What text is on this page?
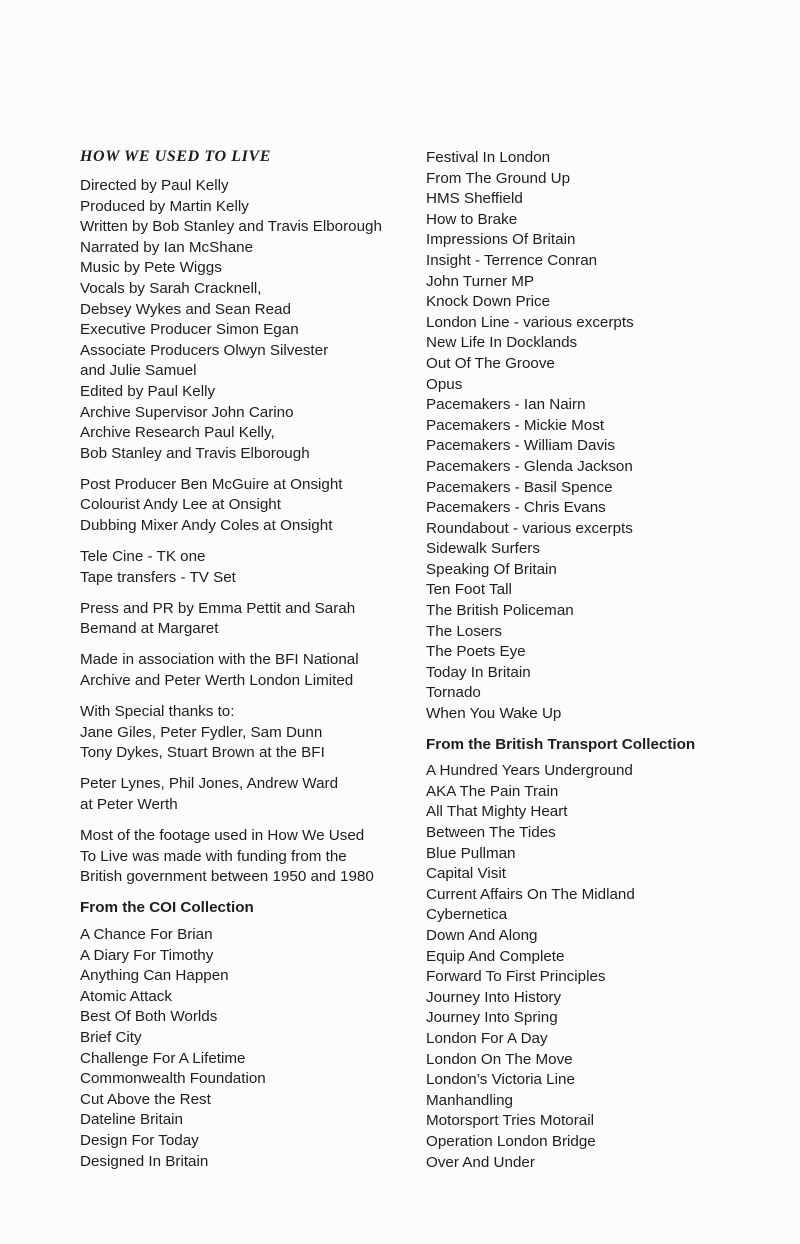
HOW WE USED TO LIVE
Directed by Paul Kelly
Produced by Martin Kelly
Written by Bob Stanley and Travis Elborough
Narrated by Ian McShane
Music by Pete Wiggs
Vocals by Sarah Cracknell,
Debsey Wykes and Sean Read
Executive Producer Simon Egan
Associate Producers Olwyn Silvester
and Julie Samuel
Edited by Paul Kelly
Archive Supervisor John Carino
Archive Research Paul Kelly,
Bob Stanley and Travis Elborough
Post Producer Ben McGuire at Onsight
Colourist Andy Lee at Onsight
Dubbing Mixer Andy Coles at Onsight
Tele Cine - TK one
Tape transfers - TV Set
Press and PR by Emma Pettit and Sarah
Bemand at Margaret
Made in association with the BFI National
Archive and Peter Werth London Limited
With Special thanks to:
Jane Giles, Peter Fydler, Sam Dunn
Tony Dykes, Stuart Brown at the BFI
Peter Lynes, Phil Jones, Andrew Ward
at Peter Werth
Most of the footage used in How We Used
To Live was made with funding from the
British government between 1950 and 1980
From the COI Collection
A Chance For Brian
A Diary For Timothy
Anything Can Happen
Atomic Attack
Best Of Both Worlds
Brief City
Challenge For A Lifetime
Commonwealth Foundation
Cut Above the Rest
Dateline Britain
Design For Today
Designed In Britain
Festival In London
From The Ground Up
HMS Sheffield
How to Brake
Impressions Of Britain
Insight - Terrence Conran
John Turner MP
Knock Down Price
London Line - various excerpts
New Life In Docklands
Out Of The Groove
Opus
Pacemakers - Ian Nairn
Pacemakers - Mickie Most
Pacemakers - William Davis
Pacemakers - Glenda Jackson
Pacemakers - Basil Spence
Pacemakers - Chris Evans
Roundabout - various excerpts
Sidewalk Surfers
Speaking Of Britain
Ten Foot Tall
The British Policeman
The Losers
The Poets Eye
Today In Britain
Tornado
When You Wake Up
From the British Transport Collection
A Hundred Years Underground
AKA The Pain Train
All That Mighty Heart
Between The Tides
Blue Pullman
Capital Visit
Current Affairs On The Midland
Cybernetica
Down And Along
Equip And Complete
Forward To First Principles
Journey Into History
Journey Into Spring
London For A Day
London On The Move
London’s Victoria Line
Manhandling
Motorsport Tries Motorail
Operation London Bridge
Over And Under
